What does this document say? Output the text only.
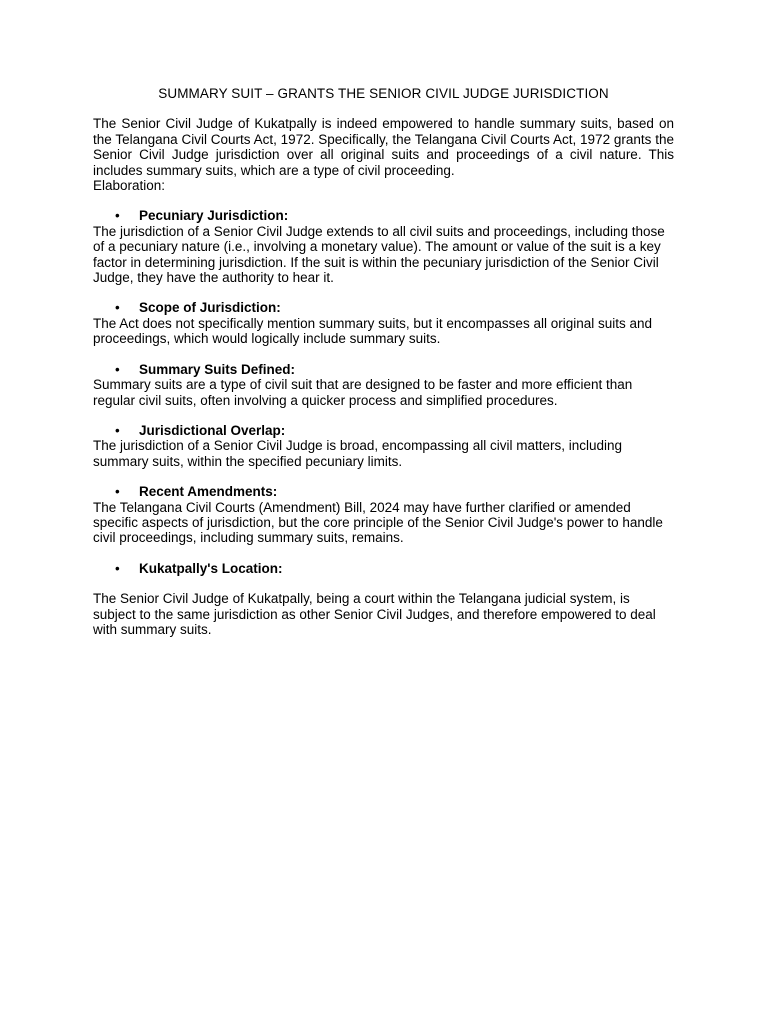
SUMMARY SUIT – GRANTS THE SENIOR CIVIL JUDGE JURISDICTION

The Senior Civil Judge of Kukatpally is indeed empowered to handle summary suits, based on the Telangana Civil Courts Act, 1972. Specifically, the Telangana Civil Courts Act, 1972 grants the Senior Civil Judge jurisdiction over all original suits and proceedings of a civil nature. This includes summary suits, which are a type of civil proceeding.

Elaboration:

• Pecuniary Jurisdiction:

The jurisdiction of a Senior Civil Judge extends to all civil suits and proceedings, including those of a pecuniary nature (i.e., involving a monetary value). The amount or value of the suit is a key factor in determining jurisdiction. If the suit is within the pecuniary jurisdiction of the Senior Civil Judge, they have the authority to hear it.

• Scope of Jurisdiction:

The Act does not specifically mention summary suits, but it encompasses all original suits and proceedings, which would logically include summary suits.

• Summary Suits Defined:

Summary suits are a type of civil suit that are designed to be faster and more efficient than regular civil suits, often involving a quicker process and simplified procedures.

• Jurisdictional Overlap:

The jurisdiction of a Senior Civil Judge is broad, encompassing all civil matters, including summary suits, within the specified pecuniary limits.

• Recent Amendments:

The Telangana Civil Courts (Amendment) Bill, 2024 may have further clarified or amended specific aspects of jurisdiction, but the core principle of the Senior Civil Judge's power to handle civil proceedings, including summary suits, remains.

• Kukatpally's Location:

The Senior Civil Judge of Kukatpally, being a court within the Telangana judicial system, is subject to the same jurisdiction as other Senior Civil Judges, and therefore empowered to deal with summary suits.
